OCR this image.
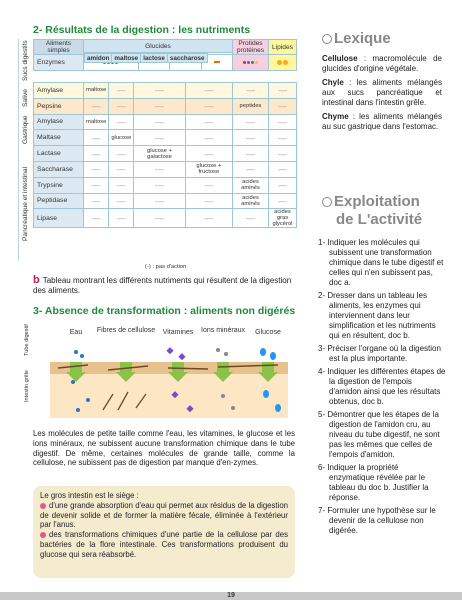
2- Résultats de la digestion : les nutriments
Sucs digestifs
Salive
Gastrique
Pancréatique et intestinal
Aliments simples	Glucides	Protides protéines	Lipides

amidon	maltose	lactose	saccharose
Enzymes						
Amylase	maltose	—	—	—	—	—
Pepsine	—	—	—	—	peptides	—
Amylase	maltose	—	—	—	—	—
Maltase	—	glucose	—	—	—	—
Lactase	—	—	glucose + galactose	—	—	—
Saccharase	—	—	—	glucose + fructose	—	—
Trypsine	—	—	—	—	acides aminés	—
Peptidase	—	—	—	—	acides aminés	—
Lipase	—	—	—	—	—	acides gras glycérol
(-) : pas d'action
b Tableau montrant les différents nutriments qui résultent de la digestion des aliments.
3- Absence de transformation : aliments non digérés
Tube digestif
Intestin grêle
Eau Fibres de cellulose Vitamines Ions minéraux Glucose
Les molécules de petite taille comme l'eau, les vitamines, le glucose et les ions minéraux, ne subissent aucune transformation chimique dans le tube digestif. De même, certaines molécules de grande taille, comme la cellulose, ne subissent pas de digestion par manque d'en-zymes.
Le gros intestin est le siège :
d'une grande absorption d'eau qui permet aux résidus de la digestion de devenir solide et de former la matière fécale, éliminée à l'extérieur par l'anus.
des transformations chimiques d'une partie de la cellulose par des bactéries de la flore intestinale. Ces transformations produisent du glucose qui sera réabsorbé.
Lexique

Cellulose : macromolécule de glucides d'origine végétale.

Chyle : les aliments mélangés aux sucs pancréatique et intestinal dans l'intestin grêle.

Chyme : les aliments mélangés au suc gastrique dans l'estomac.

Exploitation
de L'activité
1- Indiquer les molécules qui subissent une transformation chimique dans le tube digestif et celles qui n'en subissent pas, doc a.
2- Dresser dans un tableau les aliments, les enzymes qui interviennent dans leur simplification et les nutriments qui en résultent, doc b.
3- Préciser l'organe où la digestion est la plus importante.
4- Indiquer les différentes étapes de la digestion de l'empois d'amidon ainsi que les résultats obtenus, doc b.
5- Démontrer que les étapes de la digestion de l'amidon cru, au niveau du tube digestif, ne sont pas les mêmes que celles de l'empois d'amidon.
6- Indiquer la propriété enzymatique révélée par le tableau du doc b. Justifier la réponse.
7- Formuler une hypothèse sur le devenir de la cellulose non digérée.
19
